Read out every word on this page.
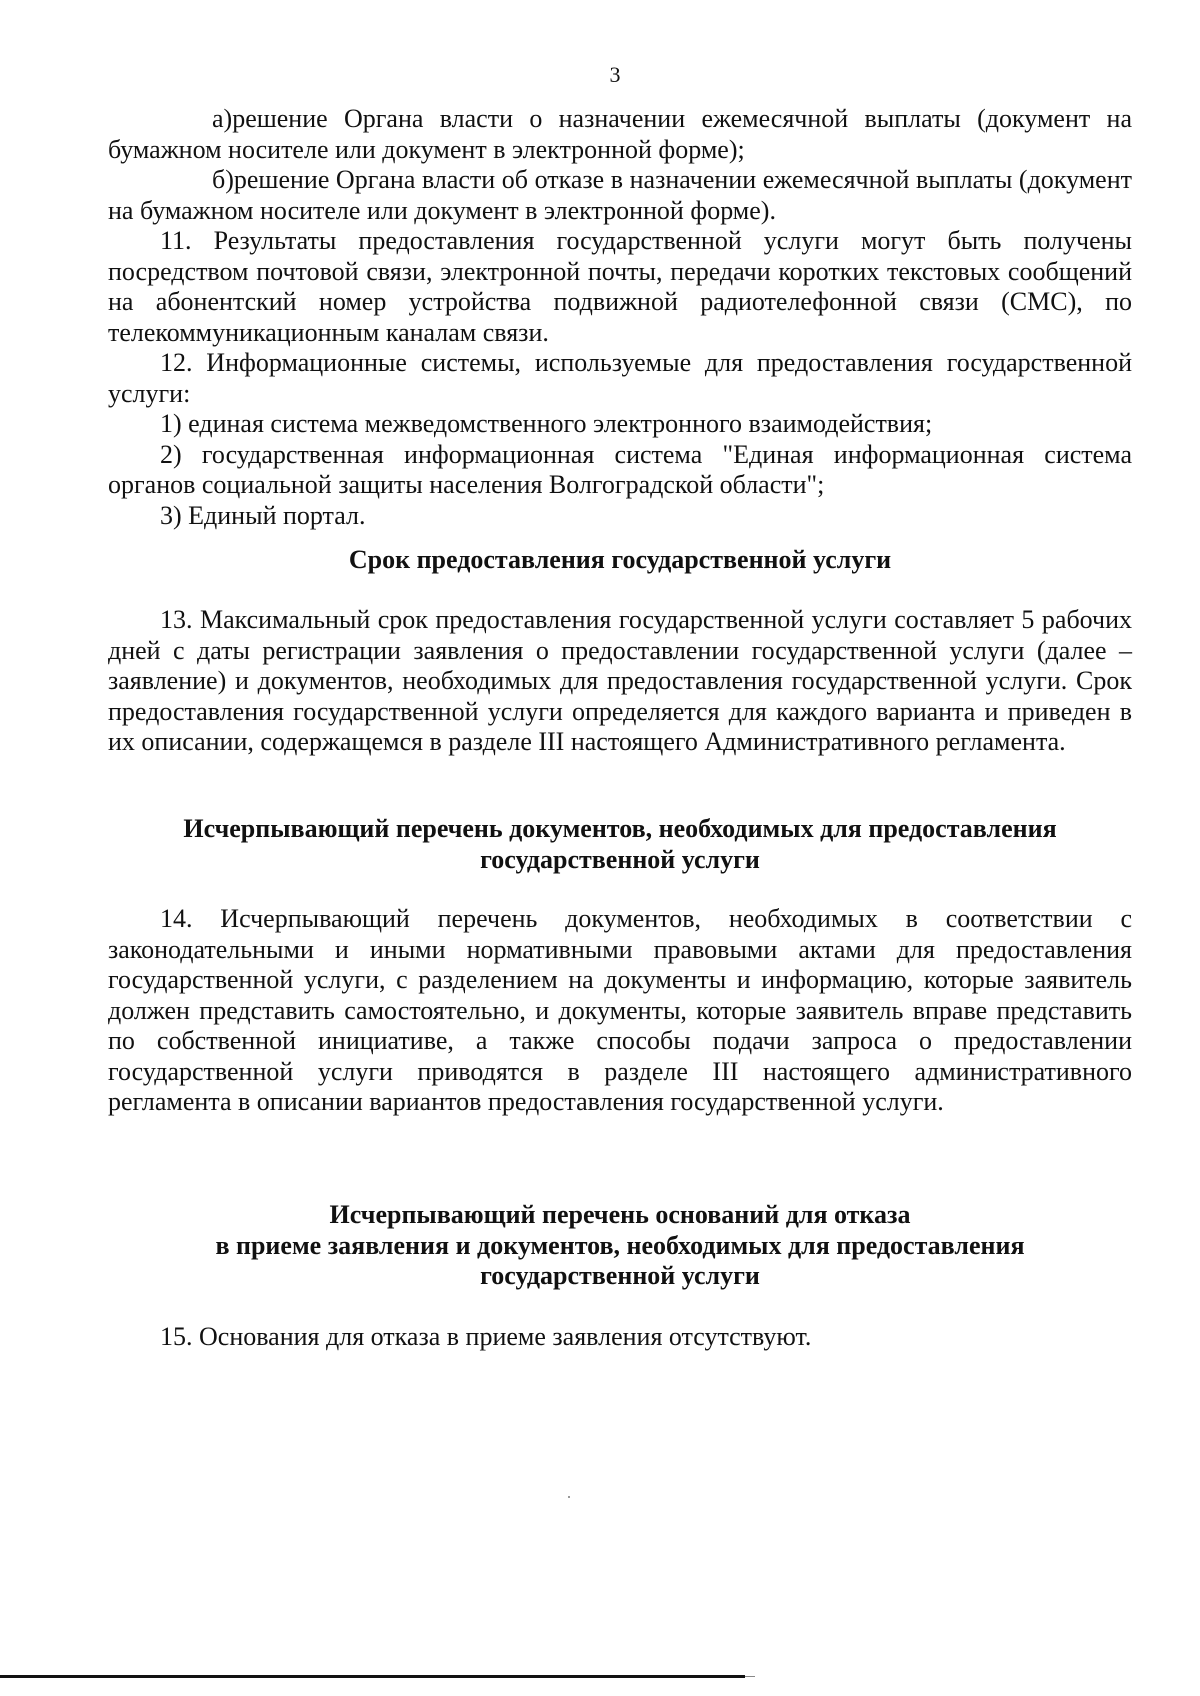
3

а)решение Органа власти о назначении ежемесячной выплаты (документ на бумажном носителе или документ в электронной форме);

б)решение Органа власти об отказе в назначении ежемесячной выплаты (документ на бумажном носителе или документ в электронной форме).

11. Результаты предоставления государственной услуги могут быть получены посредством почтовой связи, электронной почты, передачи коротких текстовых сообщений на абонентский номер устройства подвижной радиотелефонной связи (СМС), по телекоммуникационным каналам связи.

12. Информационные системы, используемые для предоставления государственной услуги:

1) единая система межведомственного электронного взаимодействия;

2) государственная информационная система "Единая информационная система органов социальной защиты населения Волгоградской области";

3) Единый портал.

Срок предоставления государственной услуги

13. Максимальный срок предоставления государственной услуги составляет 5 рабочих дней с даты регистрации заявления о предоставлении государственной услуги (далее – заявление) и документов, необходимых для предоставления государственной услуги. Срок предоставления государственной услуги определяется для каждого варианта и приведен в их описании, содержащемся в разделе III настоящего Административного регламента.

Исчерпывающий перечень документов, необходимых для предоставления

государственной услуги

14. Исчерпывающий перечень документов, необходимых в соответствии с законодательными и иными нормативными правовыми актами для предоставления государственной услуги, с разделением на документы и информацию, которые заявитель должен представить самостоятельно, и документы, которые заявитель вправе представить по собственной инициативе, а также способы подачи запроса о предоставлении государственной услуги приводятся в разделе III настоящего административного регламента в описании вариантов предоставления государственной услуги.

Исчерпывающий перечень оснований для отказа

в приеме заявления и документов, необходимых для предоставления

государственной услуги

15. Основания для отказа в приеме заявления отсутствуют.
